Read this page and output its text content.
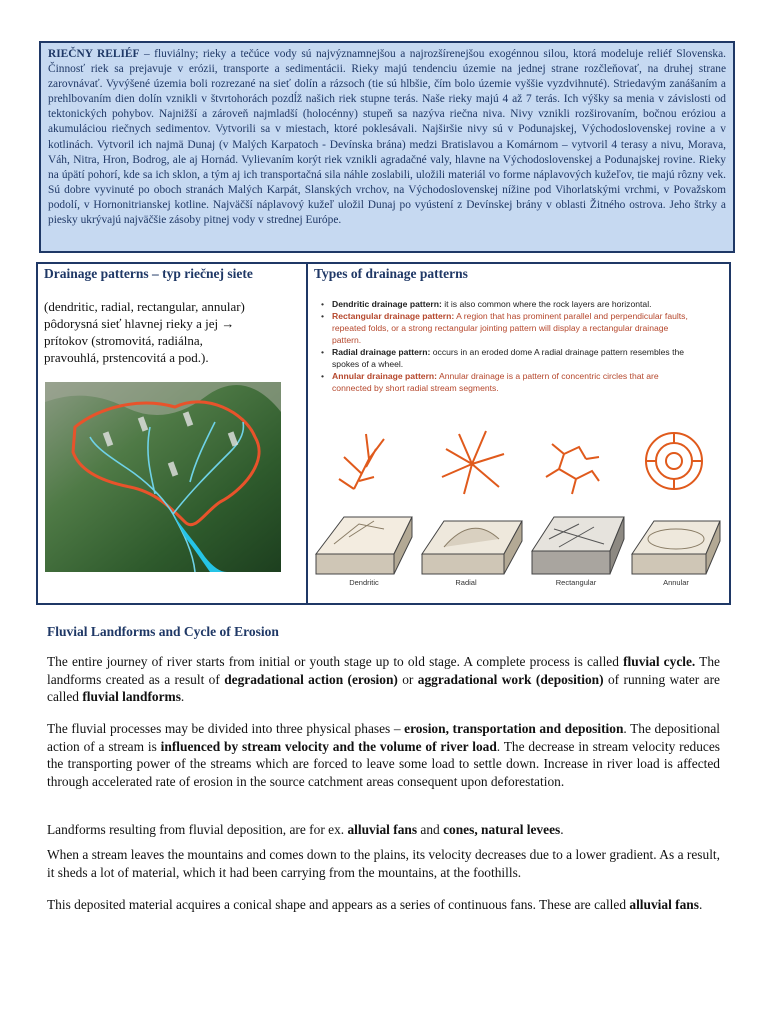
RIEČNY RELIÉF – fluviálny; rieky a tečúce vody sú najvýznamnejšou a najrozšírenejšou exogénnou silou, ktorá modeluje reliéf Slovenska. Činnosť riek sa prejavuje v erózii, transporte a sedimentácii. Rieky majú tendenciu územie na jednej strane rozčleňovať, na druhej strane zarovnávať. Vyvýšené územia boli rozrezané na sieť dolín a rázsoch (tie sú hlbšie, čím bolo územie vyššie vyzdvihnuté). Striedavým zanášaním a prehlbovaním dien dolín vznikli v štvrtohorách pozdĺž našich riek stupne terás. Naše rieky majú 4 až 7 terás. Ich výšky sa menia v závislosti od tektonických pohybov. Najnižší a zároveň najmladší (holocénny) stupeň sa nazýva riečna niva. Nivy vznikli rozširovaním, bočnou eróziou a akumuláciou riečnych sedimentov. Vytvorili sa v miestach, ktoré poklesávali. Najširšie nivy sú v Podunajskej, Východoslovenskej rovine a v kotlinách. Vytvoril ich najmä Dunaj (v Malých Karpatoch - Devínska brána) medzi Bratislavou a Komárnom – vytvoril 4 terasy a nivu, Morava, Váh, Nitra, Hron, Bodrog, ale aj Hornád. Vylievaním korýt riek vznikli agradačné valy, hlavne na Východoslovenskej a Podunajskej rovine. Rieky na úpätí pohorí, kde sa ich sklon, a tým aj ich transportačná sila náhle zoslabili, uložili materiál vo forme náplavových kužeľov, tie majú rôzny vek. Sú dobre vyvinuté po oboch stranách Malých Karpát, Slanských vrchov, na Východoslovenskej nížine pod Vihorlatskými vrchmi, v Považskom podolí, v Hornonitrianskej kotline. Najväčší náplavový kužeľ uložil Dunaj po vyústení z Devínskej brány v oblasti Žitného ostrova. Jeho štrky a piesky ukrývajú najväčšie zásoby pitnej vody v strednej Európe.

Drainage patterns – typ riečnej siete
(dendritic, radial, rectangular, annular)
pôdorysná sieť hlavnej rieky a jej →
prítokov (stromovitá, radiálna,
pravouhlá, prstencovitá a pod.).
Types of drainage patterns
• Dendritic drainage pattern: it is also common where the rock layers are horizontal.
• Rectangular drainage pattern: A region that has prominent parallel and perpendicular faults, repeated folds, or a strong rectangular jointing pattern will display a rectangular drainage pattern.
• Radial drainage pattern: occurs in an eroded dome A radial drainage pattern resembles the spokes of a wheel.
• Annular drainage pattern: Annular drainage is a pattern of concentric circles that are connected by short radial stream segments.
Dendritic	Radial	Rectangular	Annular
Fluvial Landforms and Cycle of Erosion

The entire journey of river starts from initial or youth stage up to old stage. A complete process is called fluvial cycle. The landforms created as a result of degradational action (erosion) or aggradational work (deposition) of running water are called fluvial landforms.

The fluvial processes may be divided into three physical phases – erosion, transportation and deposition. The depositional action of a stream is influenced by stream velocity and the volume of river load. The decrease in stream velocity reduces the transporting power of the streams which are forced to leave some load to settle down. Increase in river load is affected through accelerated rate of erosion in the source catchment areas consequent upon deforestation.

Landforms resulting from fluvial deposition, are for ex. alluvial fans and cones, natural levees.

When a stream leaves the mountains and comes down to the plains, its velocity decreases due to a lower gradient. As a result, it sheds a lot of material, which it had been carrying from the mountains, at the foothills.

This deposited material acquires a conical shape and appears as a series of continuous fans. These are called alluvial fans.
